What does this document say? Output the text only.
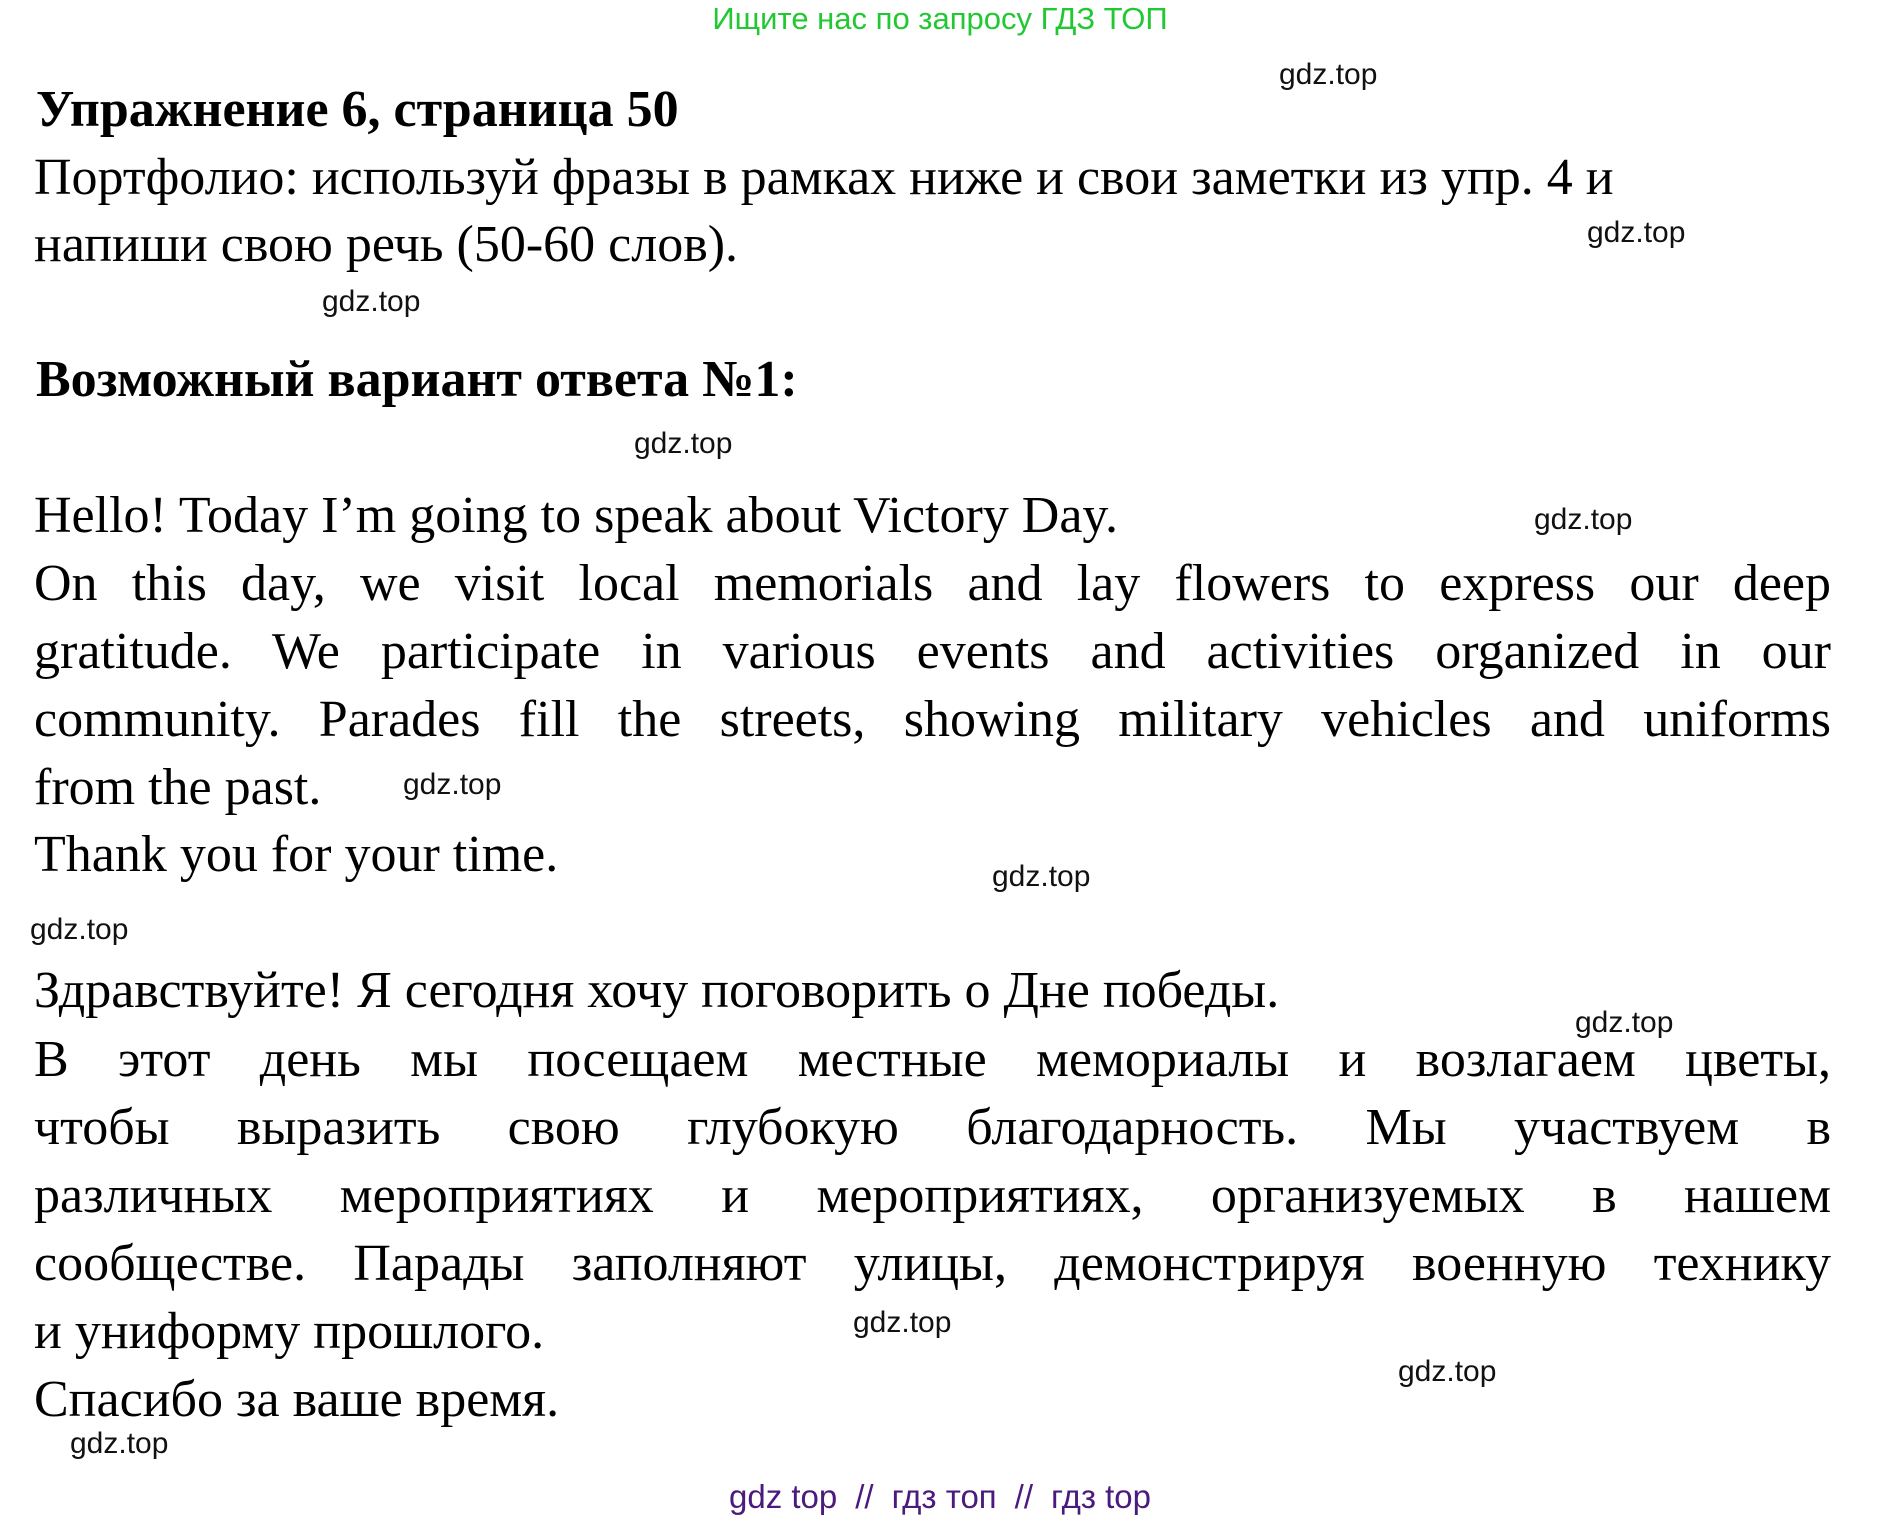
Ищите нас по запросу ГДЗ ТОП
Упражнение 6, страница 50
Портфолио: используй фразы в рамках ниже и свои заметки из упр. 4 и
напиши свою речь (50-60 слов).
Возможный вариант ответа №1:
Hello! Today I’m going to speak about Victory Day.
On this day, we visit local memorials and lay flowers to express our deep
gratitude. We participate in various events and activities organized in our
community. Parades fill the streets, showing military vehicles and uniforms
from the past.
Thank you for your time.
Здравствуйте! Я сегодня хочу поговорить о Дне победы.
В этот день мы посещаем местные мемориалы и возлагаем цветы,
чтобы выразить свою глубокую благодарность. Мы участвуем в
различных мероприятиях и мероприятиях, организуемых в нашем
сообществе. Парады заполняют улицы, демонстрируя военную технику
и униформу прошлого.
Спасибо за ваше время.
gdz.top
gdz.top
gdz.top
gdz.top
gdz.top
gdz.top
gdz.top
gdz.top
gdz.top
gdz.top
gdz.top
gdz.top
gdz top // гдз топ // гдз top
